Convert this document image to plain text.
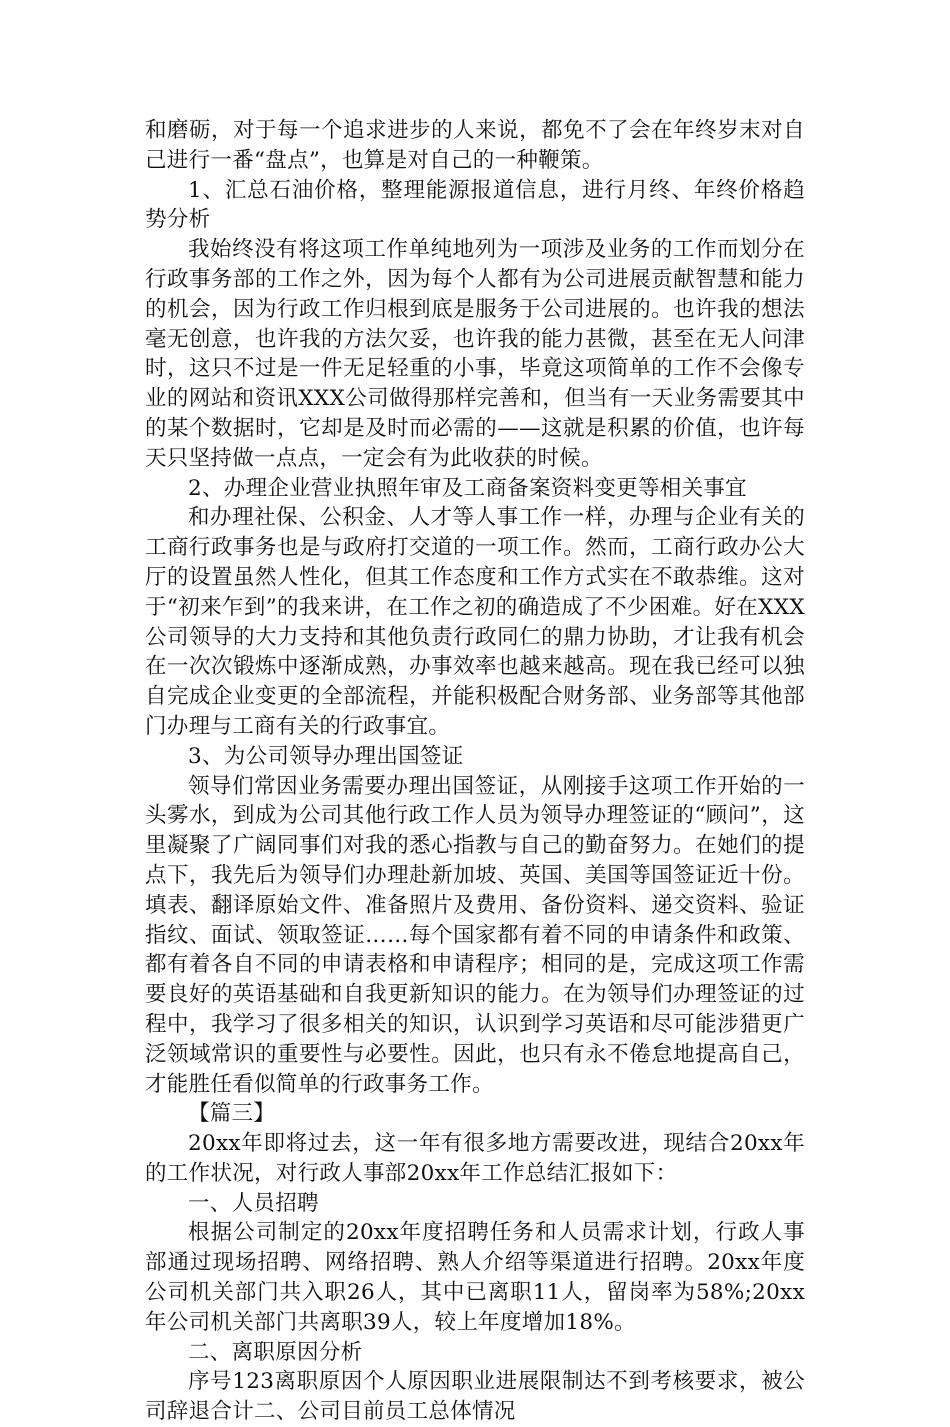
和磨砺，对于每一个追求进步的人来说，都免不了会在年终岁末对自己进行一番“盘点”，也算是对自己的一种鞭策。

1、汇总石油价格，整理能源报道信息，进行月终、年终价格趋势分析

我始终没有将这项工作单纯地列为一项涉及业务的工作而划分在行政事务部的工作之外，因为每个人都有为公司进展贡献智慧和能力的机会，因为行政工作归根到底是服务于公司进展的。也许我的想法毫无创意，也许我的方法欠妥，也许我的能力甚微，甚至在无人问津时，这只不过是一件无足轻重的小事，毕竟这项简单的工作不会像专业的网站和资讯XXX公司做得那样完善和，但当有一天业务需要其中的某个数据时，它却是及时而必需的——这就是积累的价值，也许每天只坚持做一点点，一定会有为此收获的时候。

2、办理企业营业执照年审及工商备案资料变更等相关事宜

和办理社保、公积金、人才等人事工作一样，办理与企业有关的工商行政事务也是与政府打交道的一项工作。然而，工商行政办公大厅的设置虽然人性化，但其工作态度和工作方式实在不敢恭维。这对于“初来乍到”的我来讲，在工作之初的确造成了不少困难。好在XXX公司领导的大力支持和其他负责行政同仁的鼎力协助，才让我有机会在一次次锻炼中逐渐成熟，办事效率也越来越高。现在我已经可以独自完成企业变更的全部流程，并能积极配合财务部、业务部等其他部门办理与工商有关的行政事宜。

3、为公司领导办理出国签证

领导们常因业务需要办理出国签证，从刚接手这项工作开始的一头雾水，到成为公司其他行政工作人员为领导办理签证的“顾问”，这里凝聚了广阔同事们对我的悉心指教与自己的勤奋努力。在她们的提点下，我先后为领导们办理赴新加坡、英国、美国等国签证近十份。填表、翻译原始文件、准备照片及费用、备份资料、递交资料、验证指纹、面试、领取签证……每个国家都有着不同的申请条件和政策、都有着各自不同的申请表格和申请程序；相同的是，完成这项工作需要良好的英语基础和自我更新知识的能力。在为领导们办理签证的过程中，我学习了很多相关的知识，认识到学习英语和尽可能涉猎更广泛领域常识的重要性与必要性。因此，也只有永不倦怠地提高自己，才能胜任看似简单的行政事务工作。

【篇三】

20xx年即将过去，这一年有很多地方需要改进，现结合20xx年的工作状况，对行政人事部20xx年工作总结汇报如下：

一、人员招聘

根据公司制定的20xx年度招聘任务和人员需求计划，行政人事部通过现场招聘、网络招聘、熟人介绍等渠道进行招聘。20xx年度公司机关部门共入职26人，其中已离职11人，留岗率为58%;20xx年公司机关部门共离职39人，较上年度增加18%。

二、离职原因分析

序号123离职原因个人原因职业进展限制达不到考核要求，被公司辞退合计二、公司目前员工总体情况
